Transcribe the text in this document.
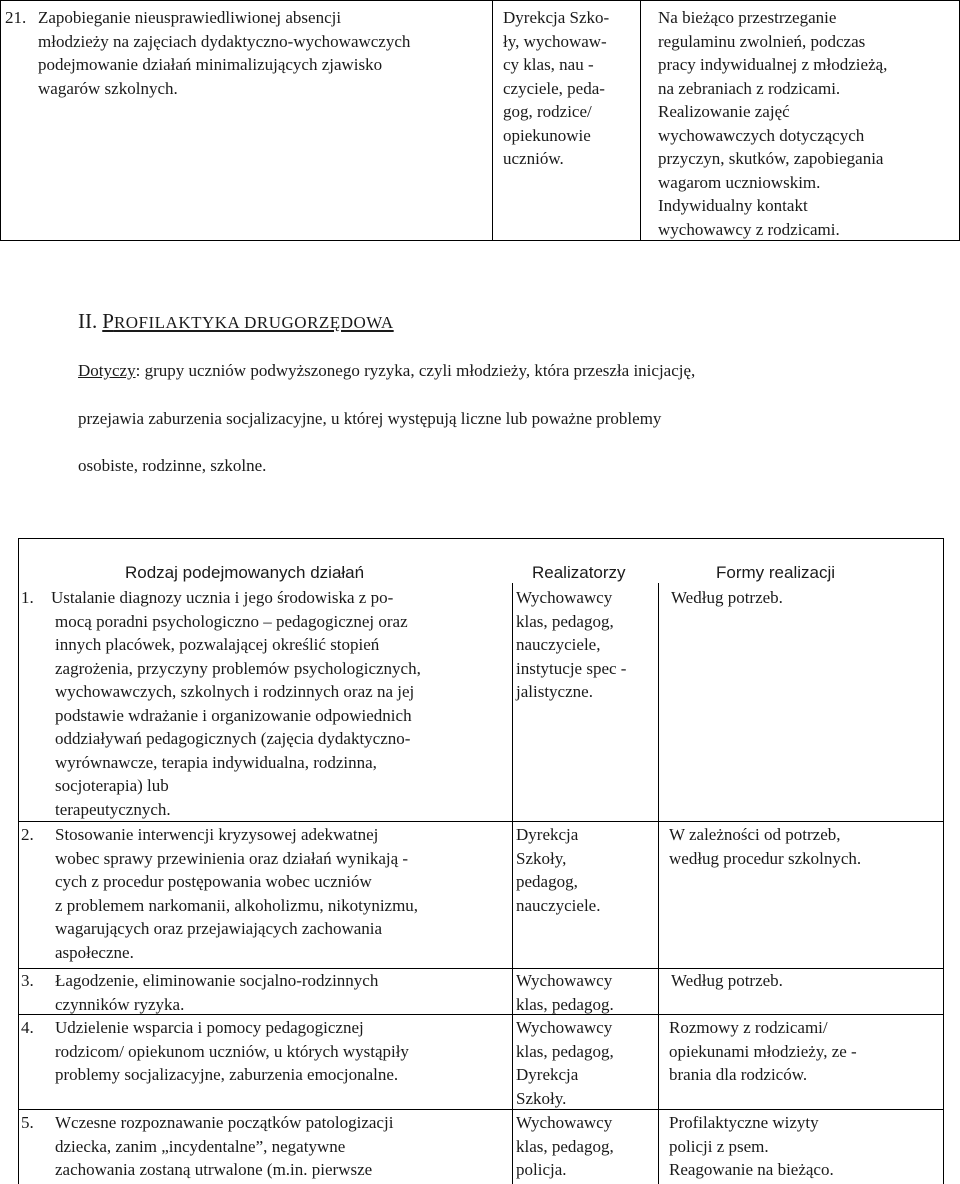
21. Zapobieganie nieusprawiedliwionej absencji
młodzieży na zajęciach dydaktyczno-wychowawczych
podejmowanie działań minimalizujących zjawisko
wagarów szkolnych.
Dyrekcja Szko-
ły, wychowaw-
cy klas, nau -
czyciele, peda-
gog, rodzice/
opiekunowie
uczniów.
Na bieżąco przestrzeganie
regulaminu zwolnień, podczas
pracy indywidualnej z młodzieżą,
na zebraniach z rodzicami.
Realizowanie zajęć
wychowawczych dotyczących
przyczyn, skutków, zapobiegania
wagarom uczniowskim.
Indywidualny kontakt
wychowawcy z rodzicami.
II. PROFILAKTYKA DRUGORZĘDOWA
Dotyczy: grupy uczniów podwyższonego ryzyka, czyli młodzieży, która przeszła inicjację,
przejawia zaburzenia socjalizacyjne, u której występują liczne lub poważne problemy
osobiste, rodzinne, szkolne.
Rodzaj podejmowanych działań	Realizatorzy	Formy realizacji
1. Ustalanie diagnozy ucznia i jego środowiska z po-
mocą poradni psychologiczno – pedagogicznej oraz
innych placówek, pozwalającej określić stopień
zagrożenia, przyczyny problemów psychologicznych,
wychowawczych, szkolnych i rodzinnych oraz na jej
podstawie wdrażanie i organizowanie odpowiednich
oddziaływań pedagogicznych (zajęcia dydaktyczno-
wyrównawcze, terapia indywidualna, rodzinna,
socjoterapia) lub
terapeutycznych.
Wychowawcy
klas, pedagog,
nauczyciele,
instytucje spec -
jalistyczne.
Według potrzeb.
2. Stosowanie interwencji kryzysowej adekwatnej
wobec sprawy przewinienia oraz działań wynikają -
cych z procedur postępowania wobec uczniów
z problemem narkomanii, alkoholizmu, nikotynizmu,
wagarujących oraz przejawiających zachowania
aspołeczne.
Dyrekcja
Szkoły,
pedagog,
nauczyciele.
W zależności od potrzeb,
według procedur szkolnych.
3. Łagodzenie, eliminowanie socjalno-rodzinnych
czynników ryzyka.
Wychowawcy
klas, pedagog.
Według potrzeb.
4. Udzielenie wsparcia i pomocy pedagogicznej
rodzicom/ opiekunom uczniów, u których wystąpiły
problemy socjalizacyjne, zaburzenia emocjonalne.
Wychowawcy
klas, pedagog,
Dyrekcja
Szkoły.
Rozmowy z rodzicami/
opiekunami młodzieży, ze -
brania dla rodziców.
5. Wczesne rozpoznawanie początków patologizacji
dziecka, zanim „incydentalne”, negatywne
zachowania zostaną utrwalone (m.in. pierwsze
Wychowawcy
klas, pedagog,
policja.
Profilaktyczne wizyty
policji z psem.
Reagowanie na bieżąco.
